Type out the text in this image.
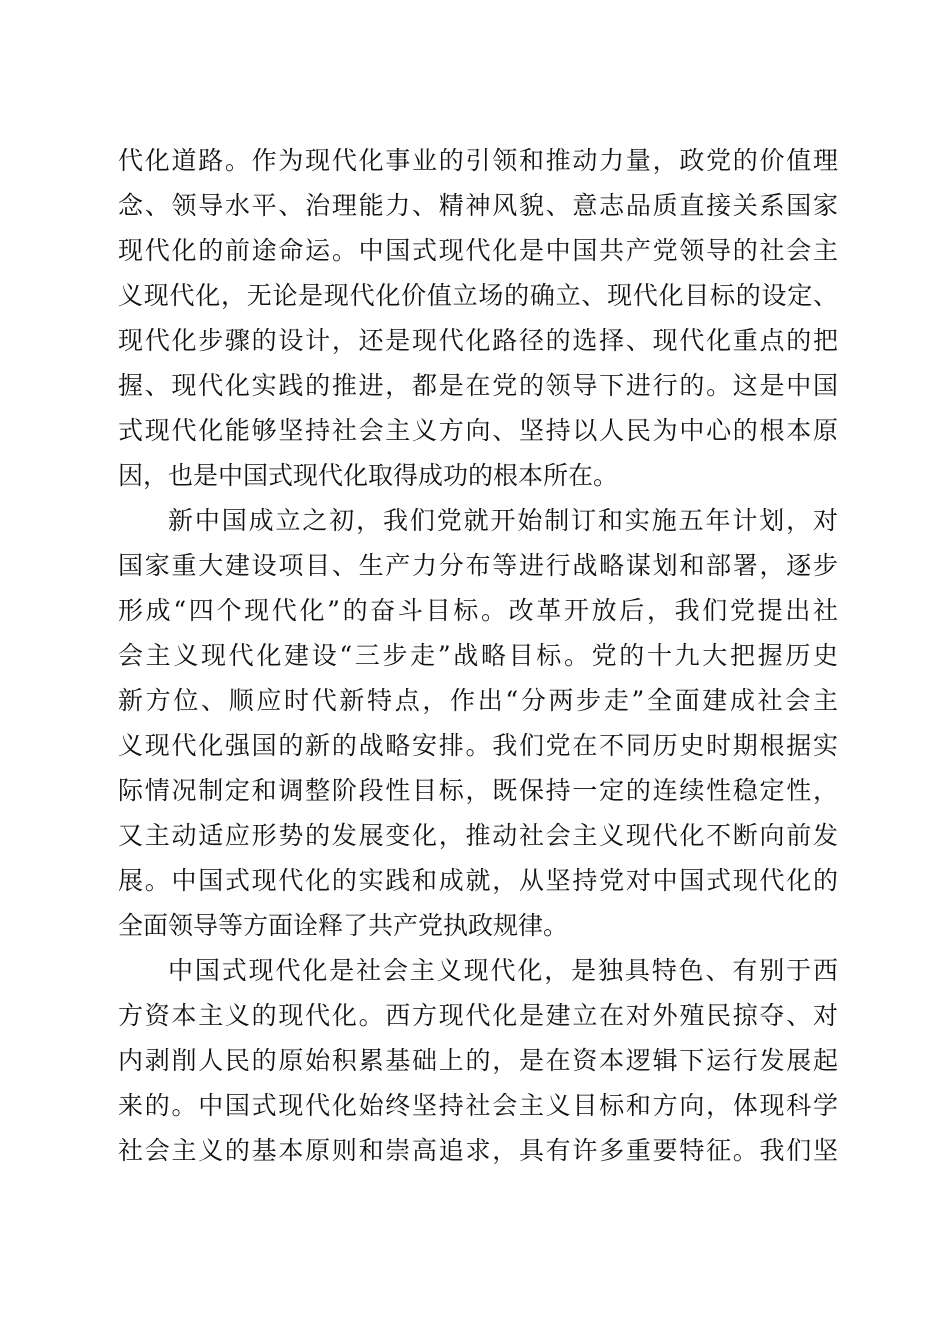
代化道路。作为现代化事业的引领和推动力量，政党的价值理
念、领导水平、治理能力、精神风貌、意志品质直接关系国家
现代化的前途命运。中国式现代化是中国共产党领导的社会主
义现代化，无论是现代化价值立场的确立、现代化目标的设定、
现代化步骤的设计，还是现代化路径的选择、现代化重点的把
握、现代化实践的推进，都是在党的领导下进行的。这是中国
式现代化能够坚持社会主义方向、坚持以人民为中心的根本原
因，也是中国式现代化取得成功的根本所在。
新中国成立之初，我们党就开始制订和实施五年计划，对
国家重大建设项目、生产力分布等进行战略谋划和部署，逐步
形成“四个现代化”的奋斗目标。改革开放后，我们党提出社
会主义现代化建设“三步走”战略目标。党的十九大把握历史
新方位、顺应时代新特点，作出“分两步走”全面建成社会主
义现代化强国的新的战略安排。我们党在不同历史时期根据实
际情况制定和调整阶段性目标，既保持一定的连续性稳定性，
又主动适应形势的发展变化，推动社会主义现代化不断向前发
展。中国式现代化的实践和成就，从坚持党对中国式现代化的
全面领导等方面诠释了共产党执政规律。
中国式现代化是社会主义现代化，是独具特色、有别于西
方资本主义的现代化。西方现代化是建立在对外殖民掠夺、对
内剥削人民的原始积累基础上的，是在资本逻辑下运行发展起
来的。中国式现代化始终坚持社会主义目标和方向，体现科学
社会主义的基本原则和崇高追求，具有许多重要特征。我们坚
